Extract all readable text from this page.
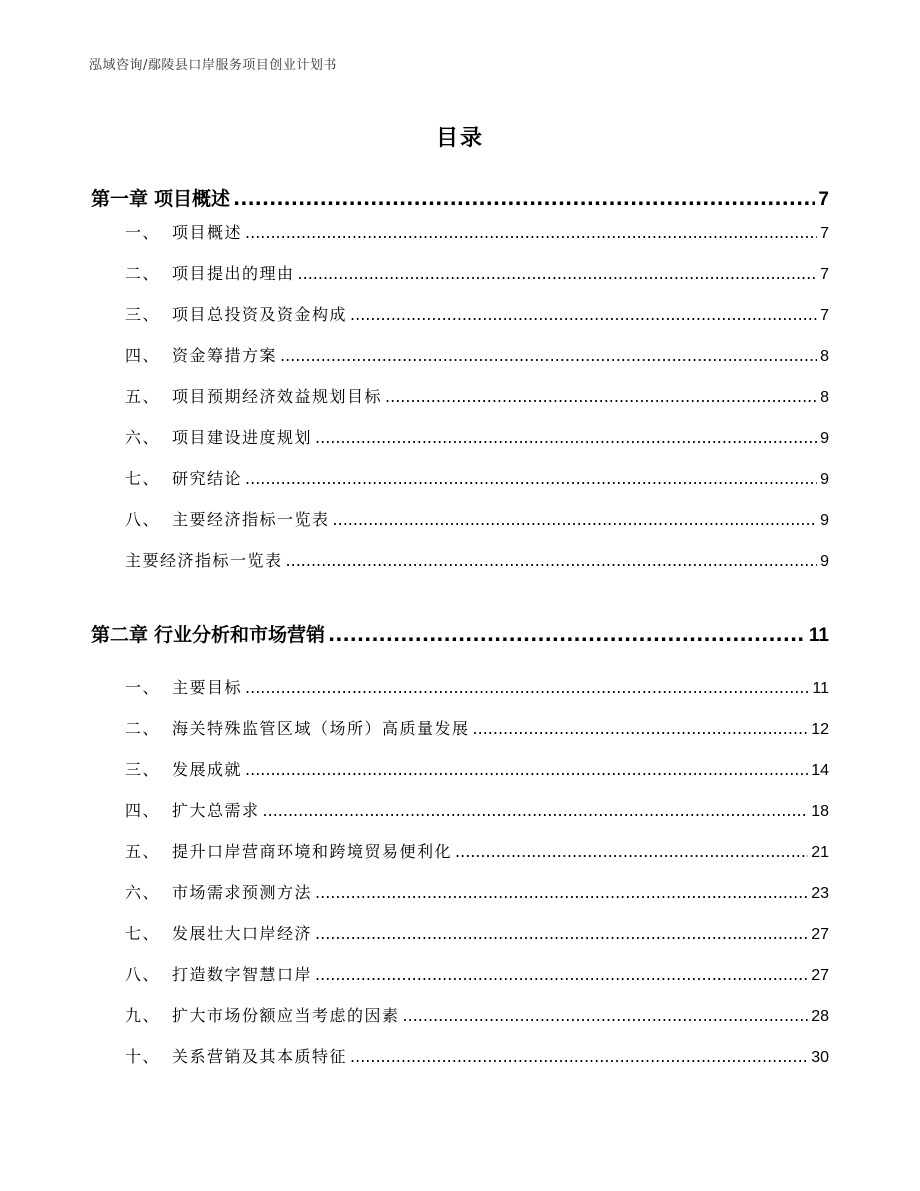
泓域咨询/鄢陵县口岸服务项目创业计划书
目录
第一章 项目概述 .....	7
一、 项目概述 .....	7
二、 项目提出的理由 .....	7
三、 项目总投资及资金构成 .....	7
四、 资金筹措方案 .....	8
五、 项目预期经济效益规划目标 .....	8
六、 项目建设进度规划 .....	9
七、 研究结论 .....	9
八、 主要经济指标一览表 .....	9
主要经济指标一览表 .....	9
第二章 行业分析和市场营销 .....	11
一、 主要目标 .....	11
二、 海关特殊监管区域（场所）高质量发展 .....	12
三、 发展成就 .....	14
四、 扩大总需求 .....	18
五、 提升口岸营商环境和跨境贸易便利化 .....	21
六、 市场需求预测方法 .....	23
七、 发展壮大口岸经济 .....	27
八、 打造数字智慧口岸 .....	27
九、 扩大市场份额应当考虑的因素 .....	28
十、 关系营销及其本质特征 .....	30
